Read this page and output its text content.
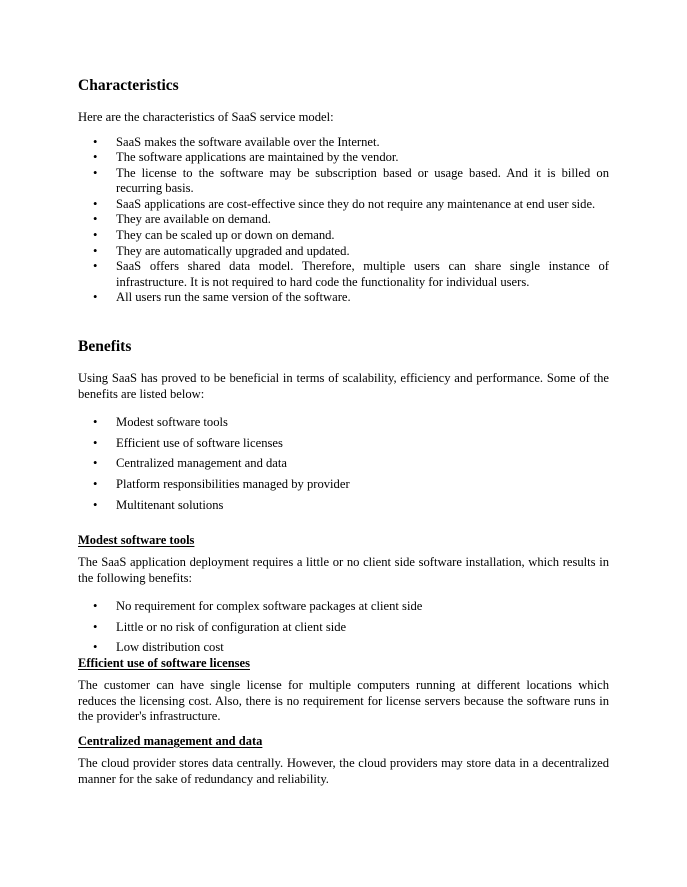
Characteristics
Here are the characteristics of SaaS service model:
• SaaS makes the software available over the Internet.
• The software applications are maintained by the vendor.
• The license to the software may be subscription based or usage based. And it is billed on recurring basis.
• SaaS applications are cost-effective since they do not require any maintenance at end user side.
• They are available on demand.
• They can be scaled up or down on demand.
• They are automatically upgraded and updated.
• SaaS offers shared data model. Therefore, multiple users can share single instance of infrastructure. It is not required to hard code the functionality for individual users.
• All users run the same version of the software.
Benefits
Using SaaS has proved to be beneficial in terms of scalability, efficiency and performance. Some of the benefits are listed below:
• Modest software tools
• Efficient use of software licenses
• Centralized management and data
• Platform responsibilities managed by provider
• Multitenant solutions
Modest software tools
The SaaS application deployment requires a little or no client side software installation, which results in the following benefits:
• No requirement for complex software packages at client side
• Little or no risk of configuration at client side
• Low distribution cost
Efficient use of software licenses
The customer can have single license for multiple computers running at different locations which reduces the licensing cost. Also, there is no requirement for license servers because the software runs in the provider's infrastructure.
Centralized management and data
The cloud provider stores data centrally. However, the cloud providers may store data in a decentralized manner for the sake of redundancy and reliability.
